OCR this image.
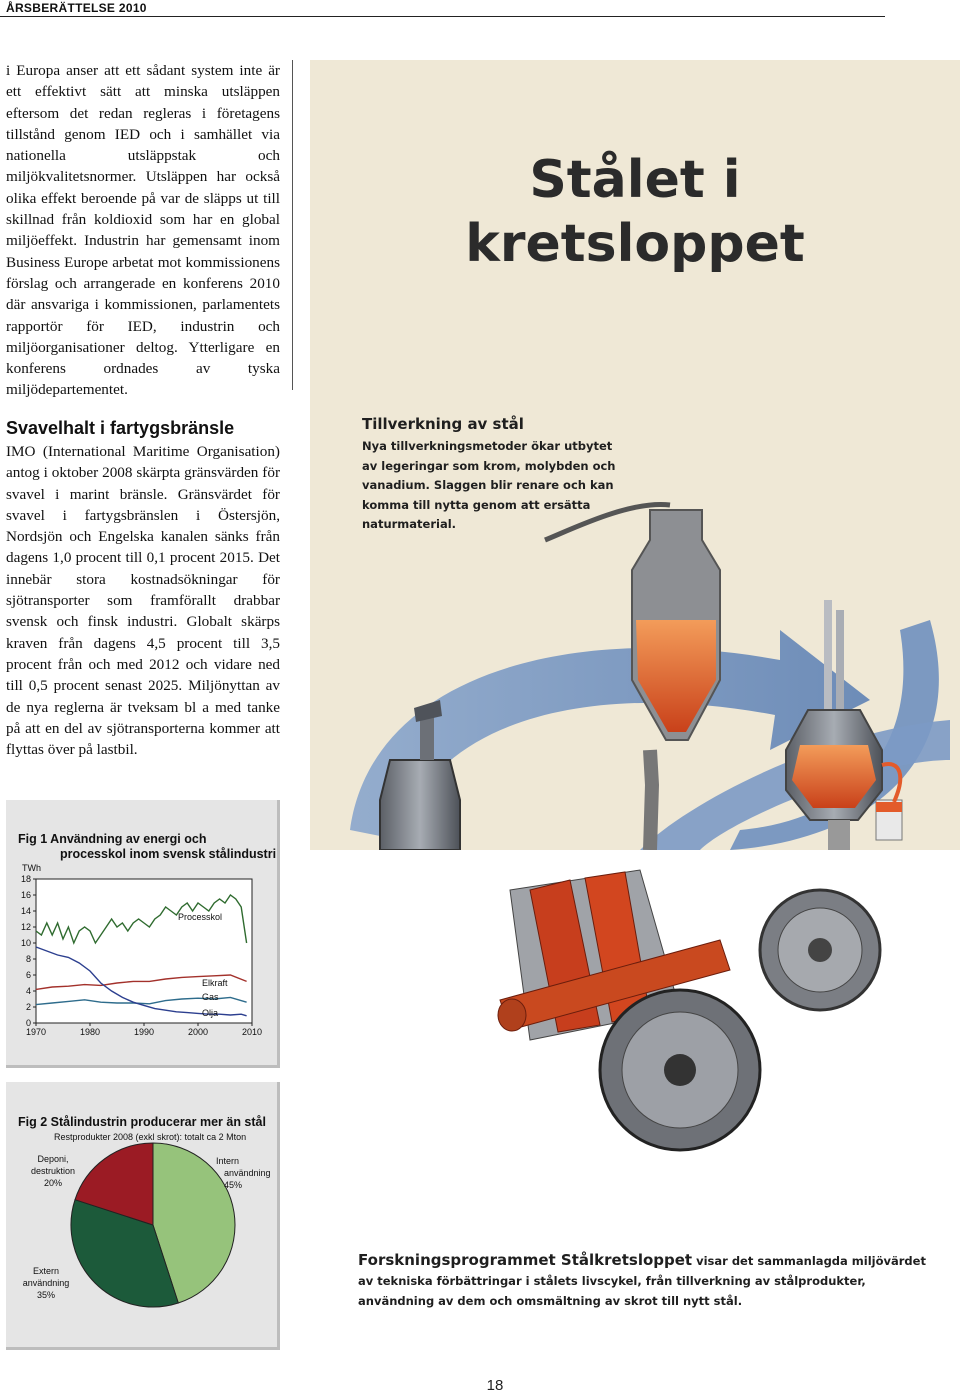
ÅRSBERÄTTELSE 2010

i Europa anser att ett sådant system inte är ett effektivt sätt att minska utsläppen eftersom det redan regleras i företagens tillstånd genom IED och i samhället via nationella utsläppstak och miljökvalitetsnormer. Utsläppen har också olika effekt beroende på var de släpps ut till skillnad från koldioxid som har en global miljöeffekt. Industrin har gemensamt inom Business Europe arbetat mot kommissionens förslag och arrangerade en konferens 2010 där ansvariga i kommissionen, parlamentets rapportör för IED, industrin och miljöorganisationer deltog. Ytterligare en konferens ordnades av tyska miljödepartementet.

Svavelhalt i fartygsbränsle

IMO (International Maritime Organisation) antog i oktober 2008 skärpta gränsvärden för svavel i marint bränsle. Gränsvärdet för svavel i fartygsbränslen i Östersjön, Nordsjön och Engelska kanalen sänks från dagens 1,0 procent till 0,1 procent 2015. Det innebär stora kostnadsökningar för sjötransporter som framförallt drabbar svensk och finsk industri. Globalt skärps kraven från dagens 4,5 procent till 3,5 procent från och med 2012 och vidare ned till 0,5 procent senast 2025. Miljönyttan av de nya reglerna är tveksam bl a med tanke på att en del av sjötransporterna kommer att flyttas över på lastbil.

Stålet i
kretsloppet
Tillverkning av stål

Nya tillverkningsmetoder ökar utbytet av legeringar som krom, molybden och vanadium. Slaggen blir renare och kan komma till nytta genom att ersätta naturmaterial.

Fig 1 Användning av energi och
processkol inom svensk stålindustri
TWh
18
16
14
12
10
8
6
4
2
0
1970	1980	1990	2000	2010
Processkol
Elkraft
Gas
Olja
Fig 2 Stålindustrin producerar mer än stål
Restprodukter 2008 (exkl skrot): totalt ca 2 Mton
Intern användning 45%
Extern användning 35%
Deponi, destruktion 20%
Forskningsprogrammet Stålkretsloppet visar det sammanlagda miljövärdet av tekniska förbättringar i stålets livscykel, från tillverkning av stålprodukter, användning av dem och omsmältning av skrot till nytt stål.
18
